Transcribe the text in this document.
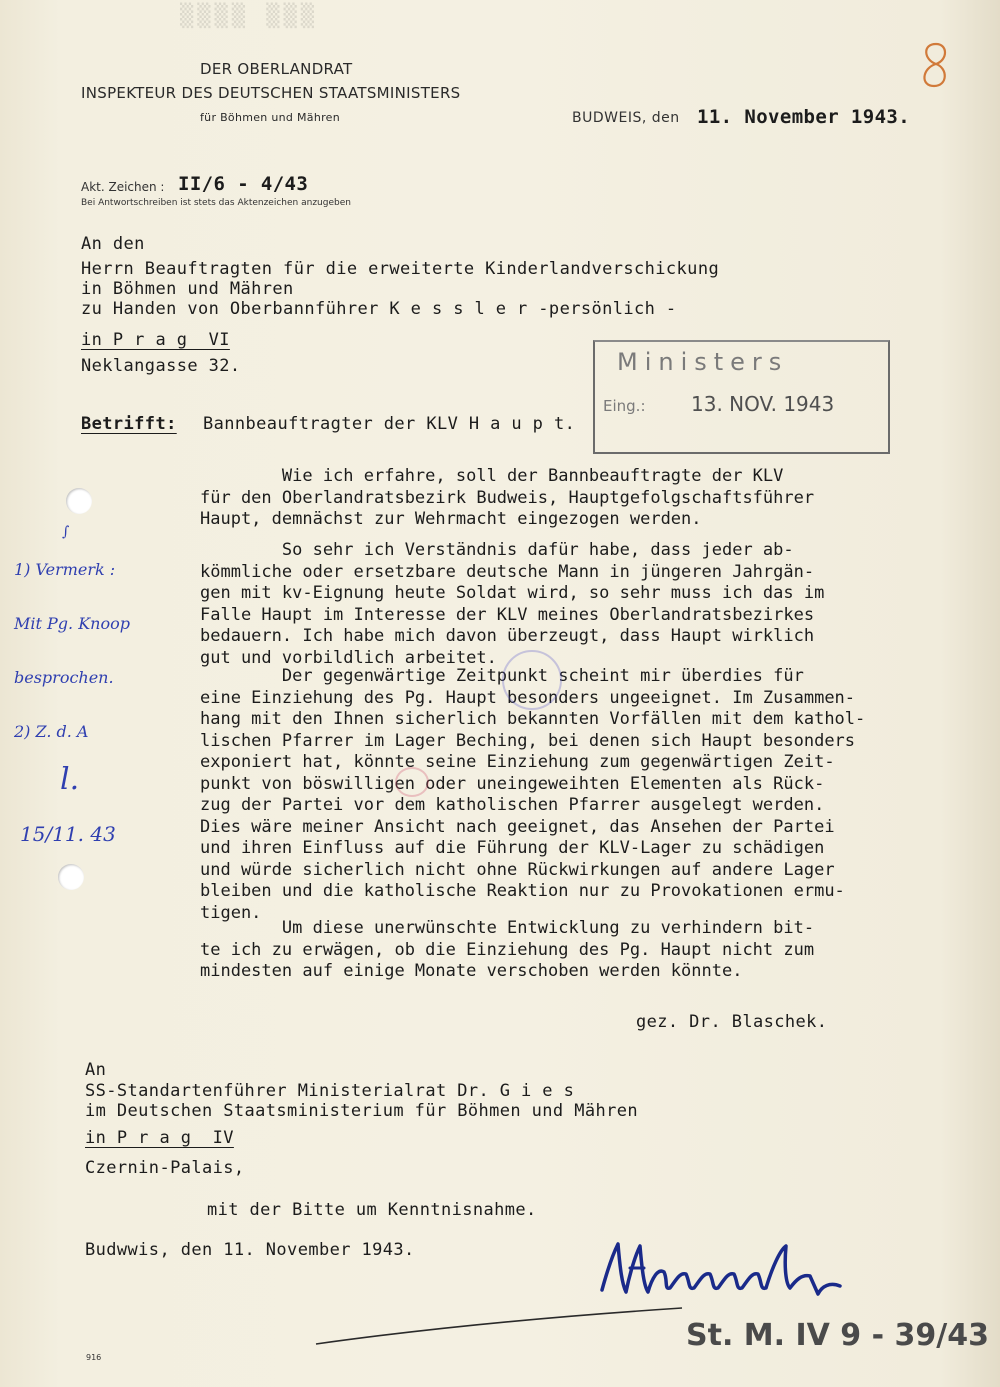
▒▒▒▒ ▒▒▒
DER OBERLANDRAT
INSPEKTEUR DES DEUTSCHEN STAATSMINISTERS
für Böhmen und Mähren	BUDWEIS, den 11. November 1943.
Akt. Zeichen : II/6 - 4/43
Bei Antwortschreiben ist stets das Aktenzeichen anzugeben
An den
Herrn Beauftragten für die erweiterte Kinderlandverschickung
in Böhmen und Mähren
zu Handen von Oberbannführer K e s s l e r -persönlich -
in P r a g  VI
Neklangasse 32.	Ministers
Eing.: 13. NOV. 1943
Betrifft: Bannbeauftragter der KLV H a u p t.
Wie ich erfahre, soll der Bannbeauftragte der KLV
für den Oberlandratsbezirk Budweis, Hauptgefolgschaftsführer
Haupt, demnächst zur Wehrmacht eingezogen werden.
So sehr ich Verständnis dafür habe, dass jeder ab-
kömmliche oder ersetzbare deutsche Mann in jüngeren Jahrgän-
gen mit kv-Eignung heute Soldat wird, so sehr muss ich das im
Falle Haupt im Interesse der KLV meines Oberlandratsbezirkes
bedauern. Ich habe mich davon überzeugt, dass Haupt wirklich
gut und vorbildlich arbeitet.
Der gegenwärtige Zeitpunkt scheint mir überdies für
eine Einziehung des Pg. Haupt besonders ungeeignet. Im Zusammen-
hang mit den Ihnen sicherlich bekannten Vorfällen mit dem kathol-
lischen Pfarrer im Lager Beching, bei denen sich Haupt besonders
exponiert hat, könnte seine Einziehung zum gegenwärtigen Zeit-
punkt von böswilligen oder uneingeweihten Elementen als Rück-
zug der Partei vor dem katholischen Pfarrer ausgelegt werden.
Dies wäre meiner Ansicht nach geeignet, das Ansehen der Partei
und ihren Einfluss auf die Führung der KLV-Lager zu schädigen
und würde sicherlich nicht ohne Rückwirkungen auf andere Lager
bleiben und die katholische Reaktion nur zu Provokationen ermu-
tigen.
Um diese unerwünschte Entwicklung zu verhindern bit-
te ich zu erwägen, ob die Einziehung des Pg. Haupt nicht zum
mindesten auf einige Monate verschoben werden könnte.
∫
1) Vermerk :
Mit Pg. Knoop
besprochen.
2) Z. d. A
l.
15/11. 43
gez. Dr. Blaschek.
An
SS-Standartenführer Ministerialrat Dr. G i e s
im Deutschen Staatsministerium für Böhmen und Mähren
in P r a g  IV
Czernin-Palais,
mit der Bitte um Kenntnisnahme.
Budwwis, den 11. November 1943.
St. M. IV 9 - 39/43
916
